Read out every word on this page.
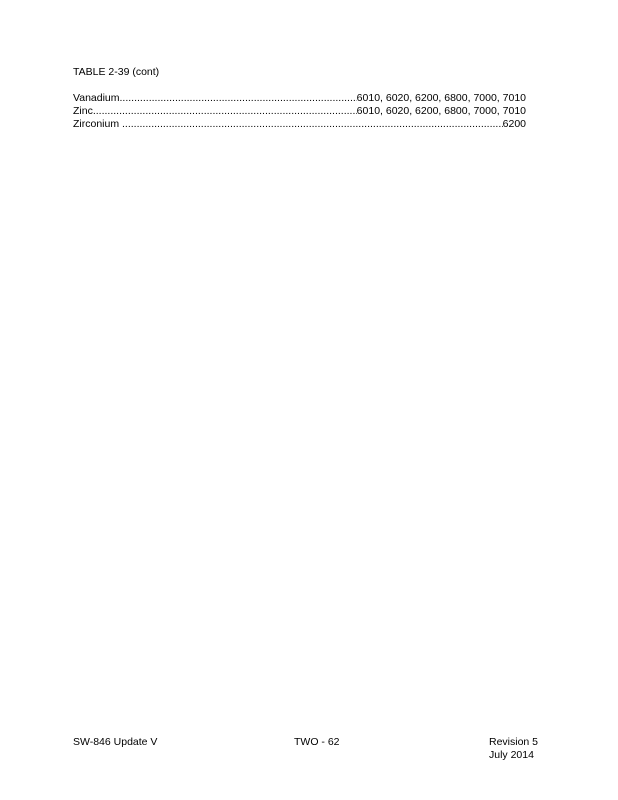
TABLE 2-39 (cont)
Vanadium .....	6010, 6020, 6200, 6800, 7000, 7010
Zinc .....	6010, 6020, 6200, 6800, 7000, 7010
Zirconium .....	6200
SW-846 Update V	TWO - 62	Revision 5
July 2014
